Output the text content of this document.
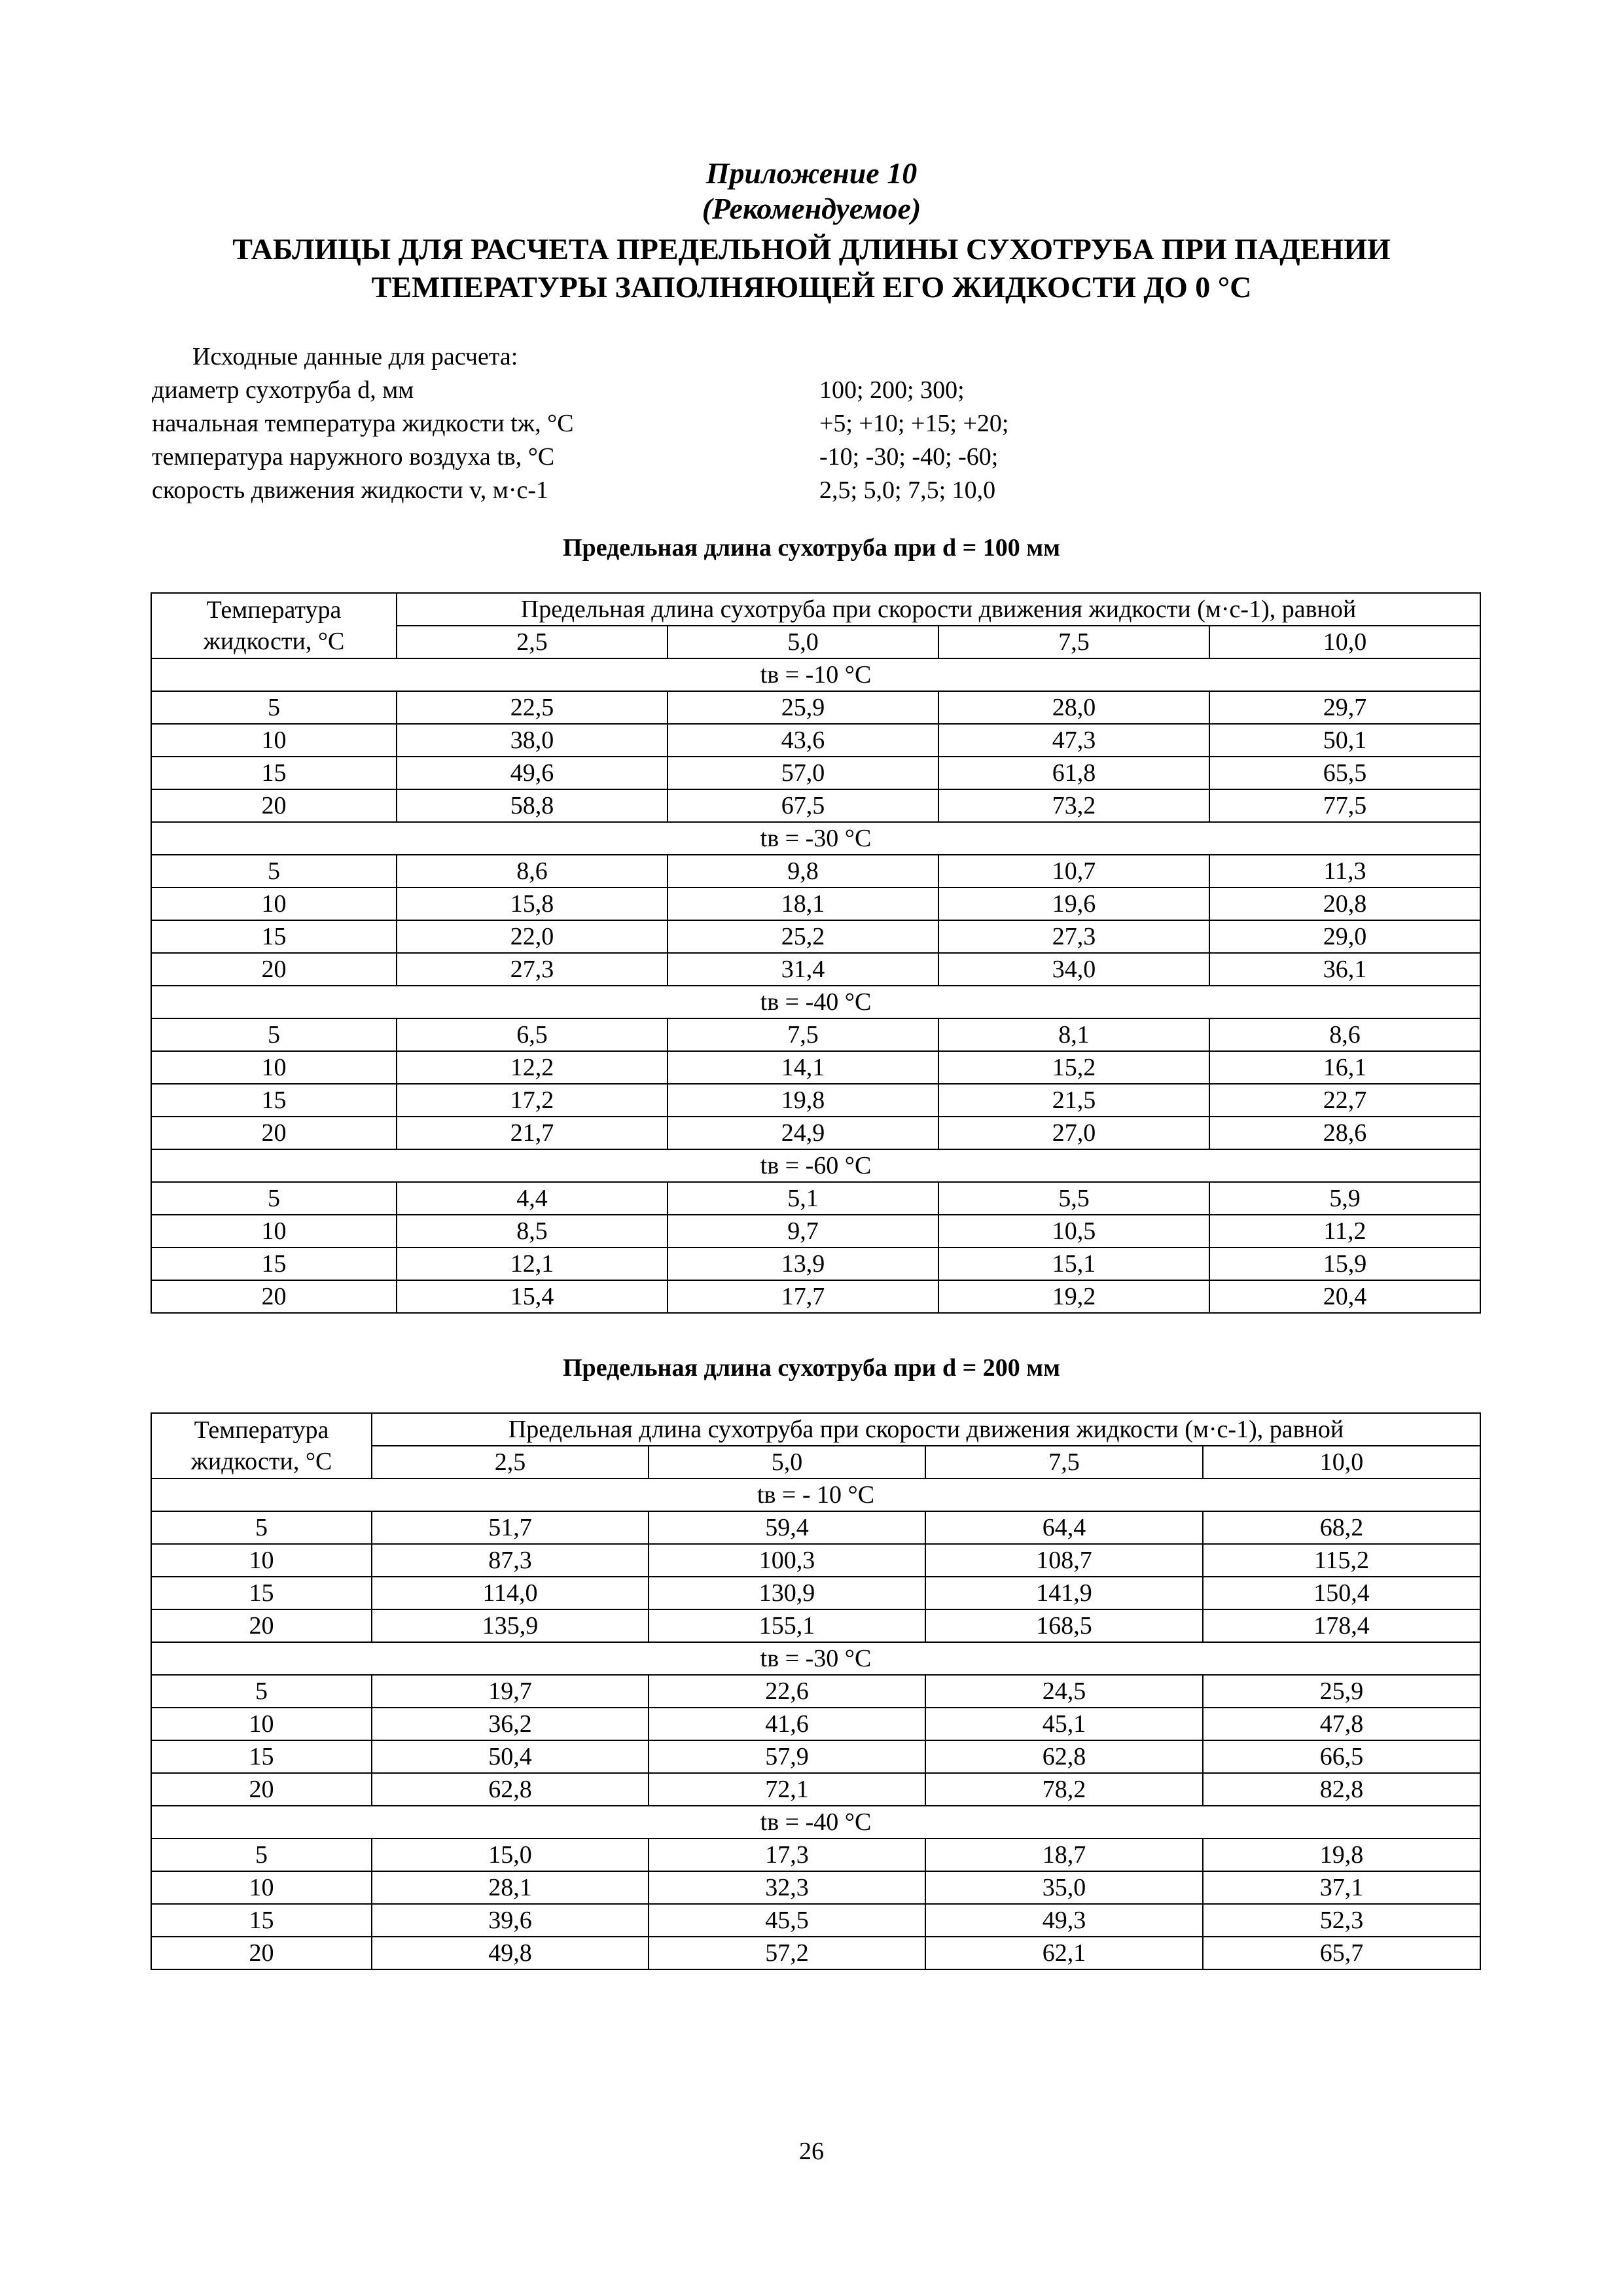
Приложение 10
(Рекомендуемое)
ТАБЛИЦЫ ДЛЯ РАСЧЕТА ПРЕДЕЛЬНОЙ ДЛИНЫ СУХОТРУБА ПРИ ПАДЕНИИ
ТЕМПЕРАТУРЫ ЗАПОЛНЯЮЩЕЙ ЕГО ЖИДКОСТИ ДО 0 °С
Исходные данные для расчета:
диаметр сухотруба d, мм	100; 200; 300;
начальная температура жидкости tж, °С	+5; +10; +15; +20;
температура наружного воздуха tв, °С	-10; -30; -40; -60;
скорость движения жидкости v, м·с-1	2,5; 5,0; 7,5; 10,0
Предельная длина сухотруба при d = 100 мм
Температура жидкости, °С	Предельная длина сухотруба при скорости движения жидкости (м·с-1), равной			
	2,5	5,0	7,5	10,0
tв = -10 °С				
5	22,5	25,9	28,0	29,7
10	38,0	43,6	47,3	50,1
15	49,6	57,0	61,8	65,5
20	58,8	67,5	73,2	77,5
tв = -30 °С				
5	8,6	9,8	10,7	11,3
10	15,8	18,1	19,6	20,8
15	22,0	25,2	27,3	29,0
20	27,3	31,4	34,0	36,1
tв = -40 °С				
5	6,5	7,5	8,1	8,6
10	12,2	14,1	15,2	16,1
15	17,2	19,8	21,5	22,7
20	21,7	24,9	27,0	28,6
tв = -60 °С				
5	4,4	5,1	5,5	5,9
10	8,5	9,7	10,5	11,2
15	12,1	13,9	15,1	15,9
20	15,4	17,7	19,2	20,4
Предельная длина сухотруба при d = 200 мм
Температура жидкости, °С	Предельная длина сухотруба при скорости движения жидкости (м·с-1), равной			
	2,5	5,0	7,5	10,0
tв = - 10 °С				
5	51,7	59,4	64,4	68,2
10	87,3	100,3	108,7	115,2
15	114,0	130,9	141,9	150,4
20	135,9	155,1	168,5	178,4
tв = -30 °С				
5	19,7	22,6	24,5	25,9
10	36,2	41,6	45,1	47,8
15	50,4	57,9	62,8	66,5
20	62,8	72,1	78,2	82,8
tв = -40 °С				
5	15,0	17,3	18,7	19,8
10	28,1	32,3	35,0	37,1
15	39,6	45,5	49,3	52,3
20	49,8	57,2	62,1	65,7
26
